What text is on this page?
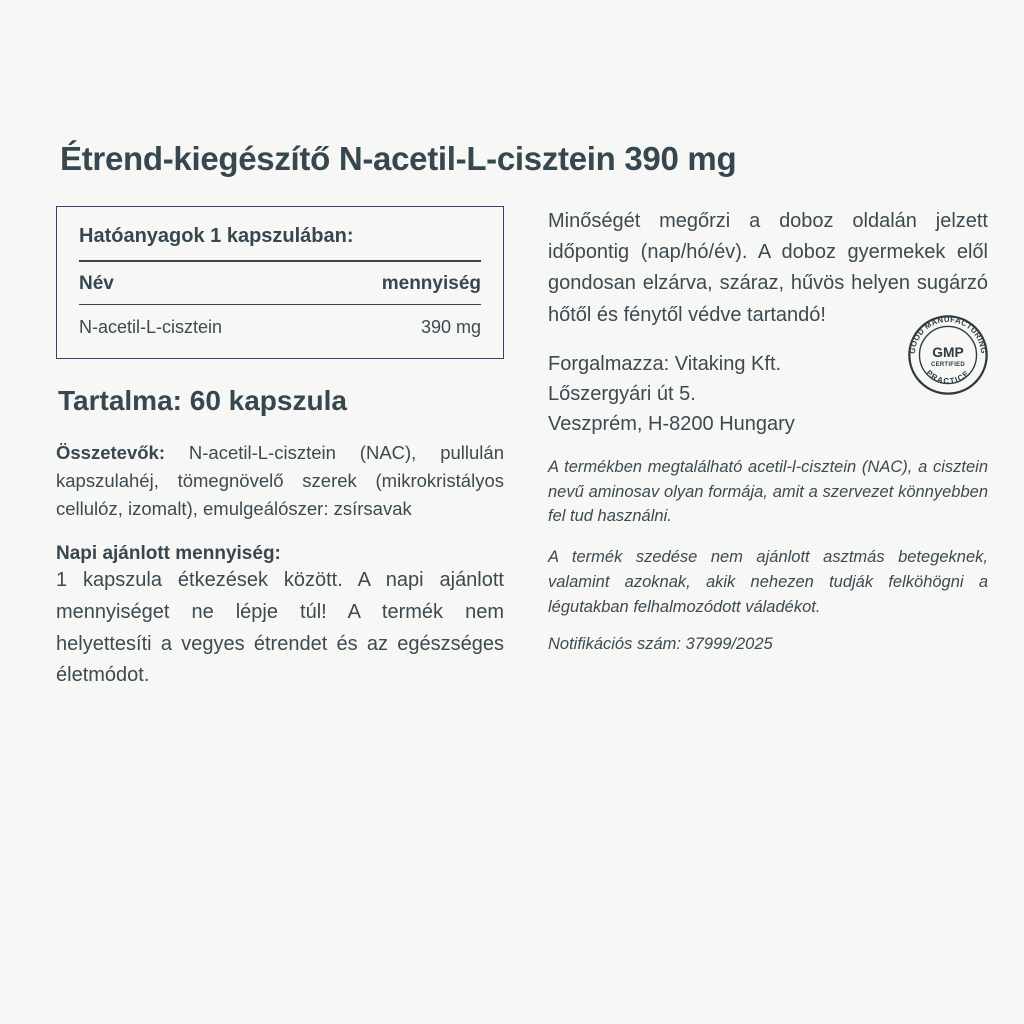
Étrend-kiegészítő N-acetil-L-cisztein 390 mg
Hatóanyagok 1 kapszulában:
Név	mennyiség
N-acetil-L-cisztein	390 mg
Tartalma: 60 kapszula

Összetevők: N-acetil-L-cisztein (NAC), pullulán kapszulahéj, tömegnövelő szerek (mikrokristályos cellulóz, izomalt), emulgeálószer: zsírsavak

Napi ajánlott mennyiség:

1 kapszula étkezések között. A napi ajánlott mennyiséget ne lépje túl! A termék nem helyettesíti a vegyes étrendet és az egészséges életmódot.

Minőségét megőrzi a doboz oldalán jelzett időpontig (nap/hó/év). A doboz gyermekek elől gondosan elzárva, száraz, hűvös helyen sugárzó hőtől és fénytől védve tartandó!

Forgalmazza: Vitaking Kft.
Lőszergyári út 5.
Veszprém, H-8200 Hungary
GOOD MANUFACTURING
PRACTICE
GMP
CERTIFIED

A termékben megtalálható acetil-l-cisztein (NAC), a cisztein nevű aminosav olyan formája, amit a szervezet könnyebben fel tud használni.

A termék szedése nem ajánlott asztmás betegeknek, valamint azoknak, akik nehezen tudják felköhögni a légutakban felhalmozódott váladékot.

Notifikációs szám: 37999/2025
